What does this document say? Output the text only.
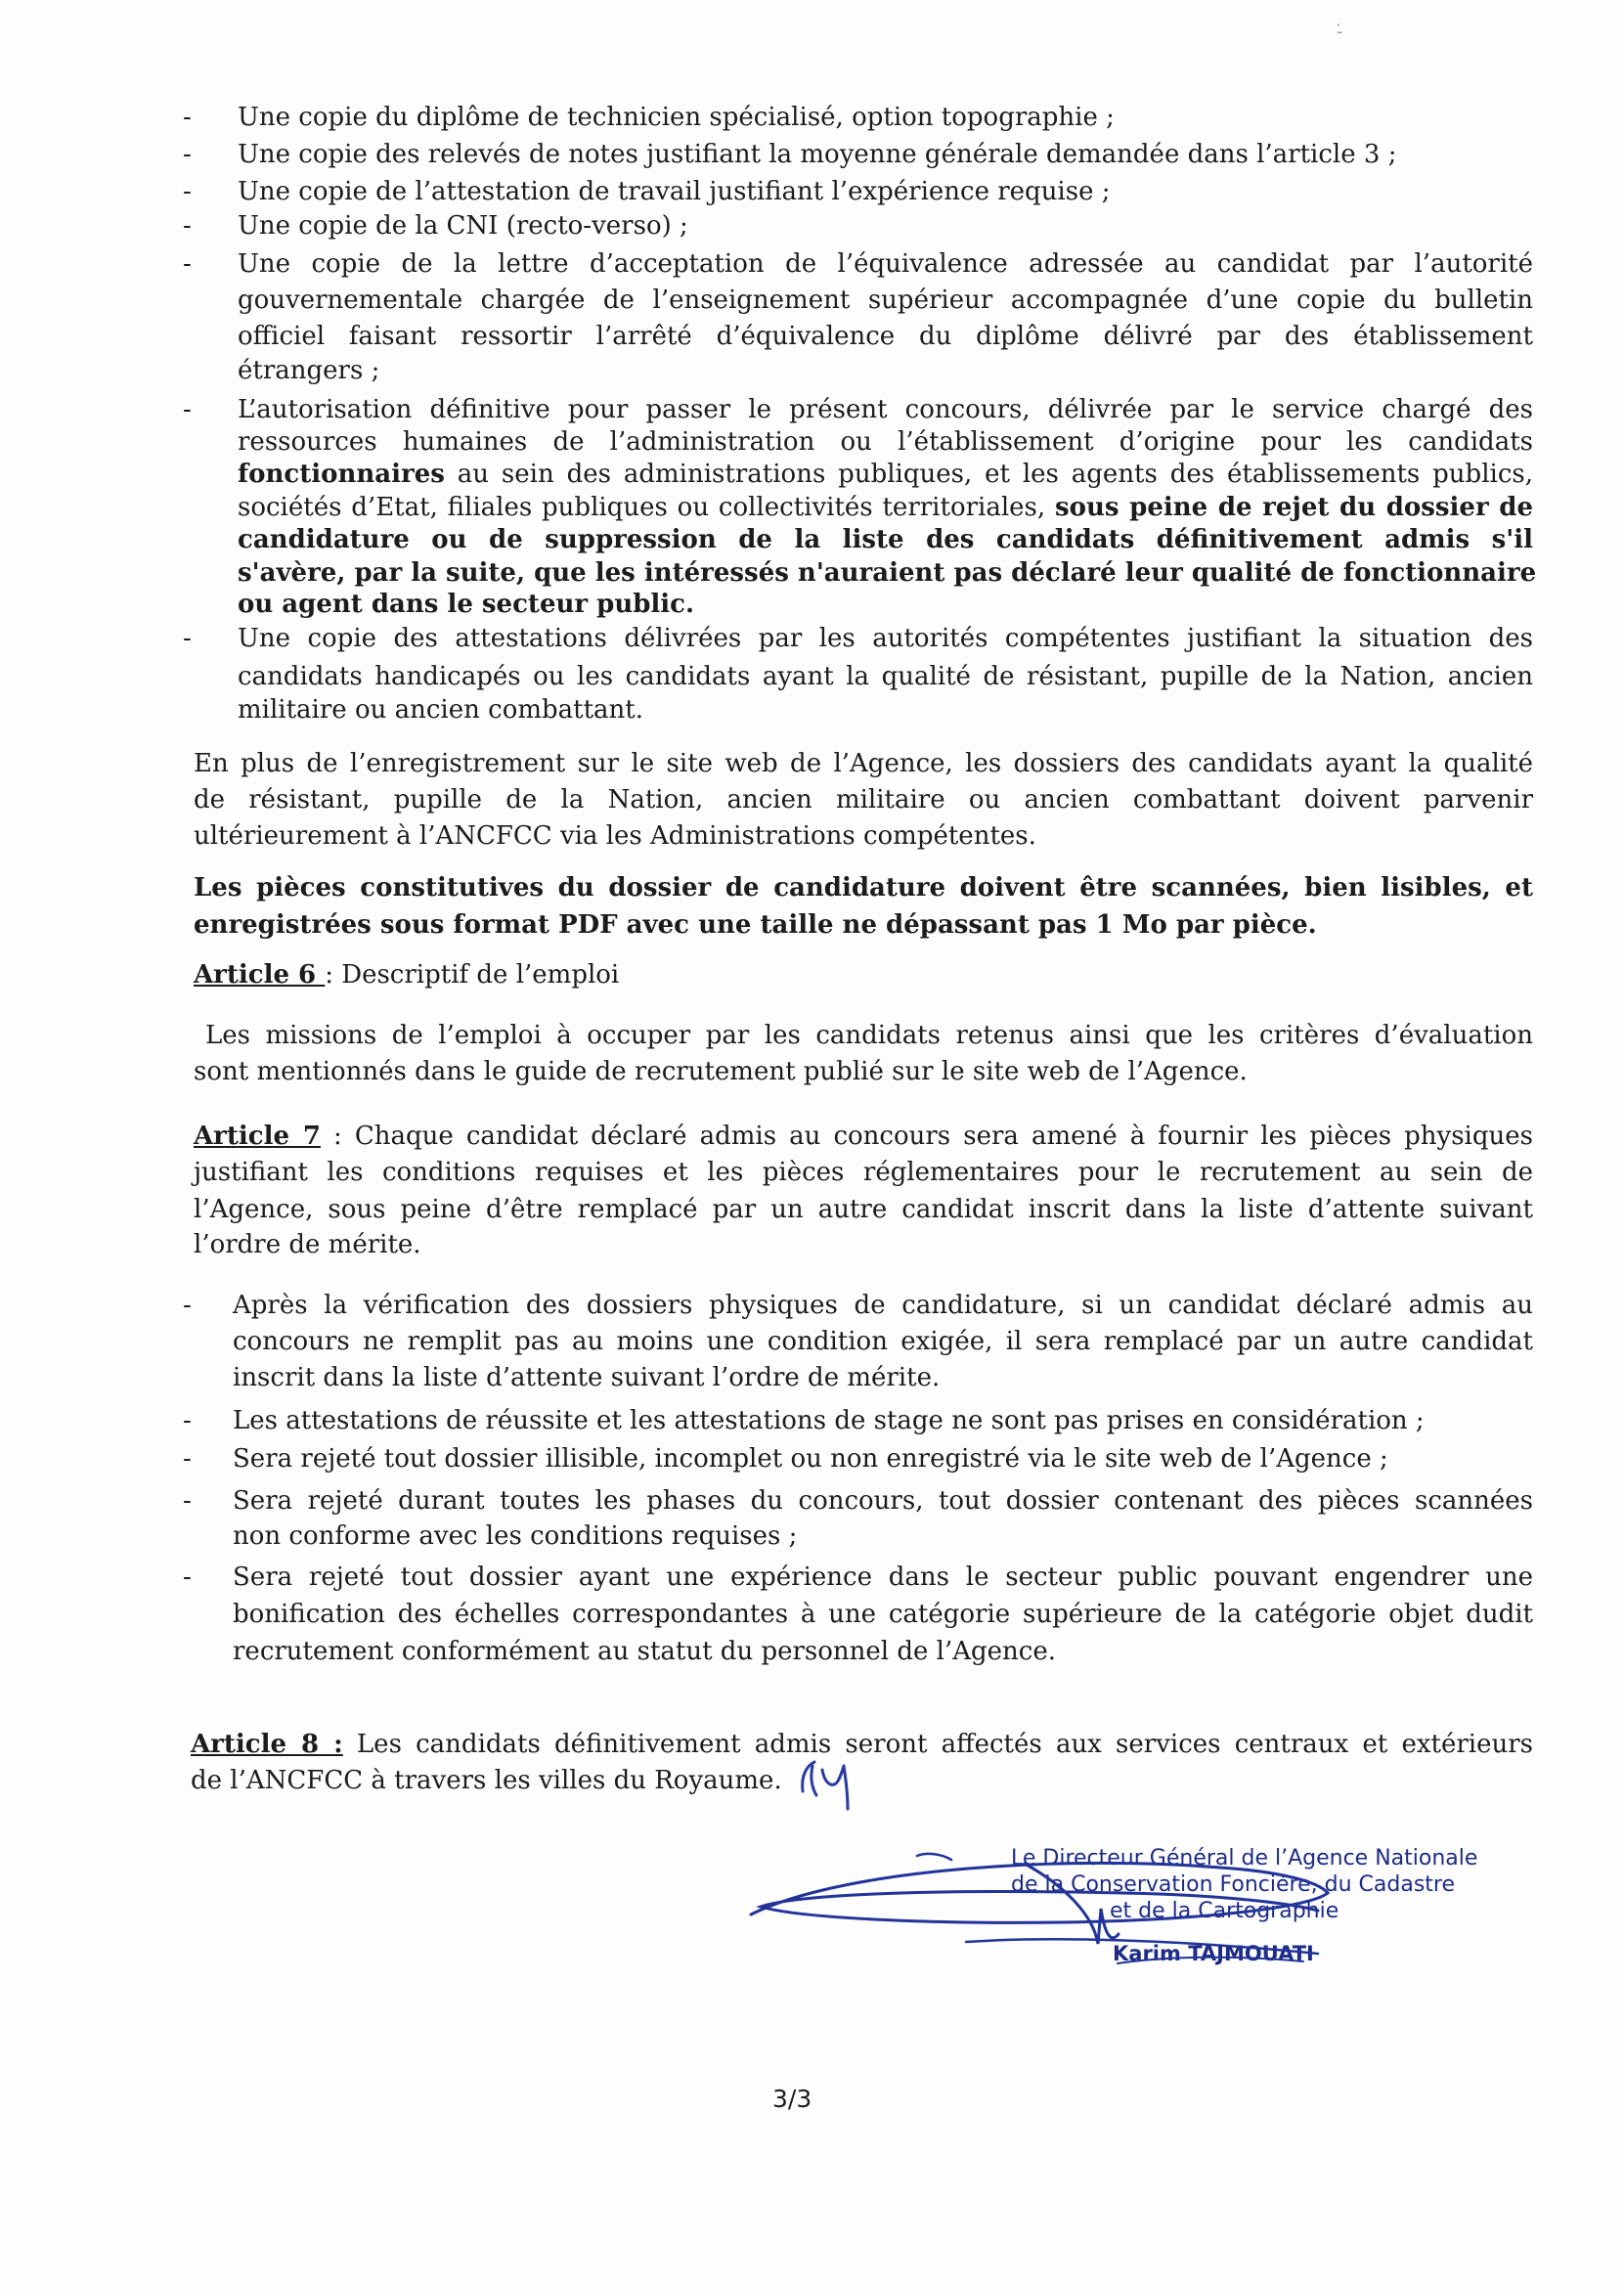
-̇
- Une copie du diplôme de technicien spécialisé, option topographie ;
- Une copie des relevés de notes justifiant la moyenne générale demandée dans l’article 3 ;
- Une copie de l’attestation de travail justifiant l’expérience requise ;
- Une copie de la CNI (recto-verso) ;
- Une copie de la lettre d’acceptation de l’équivalence adressée au candidat par l’autorité
gouvernementale chargée de l’enseignement supérieur accompagnée d’une copie du bulletin
officiel faisant ressortir l’arrêté d’équivalence du diplôme délivré par des établissement
étrangers ;
- L’autorisation définitive pour passer le présent concours, délivrée par le service chargé des
ressources humaines de l’administration ou l’établissement d’origine pour les candidats
fonctionnaires au sein des administrations publiques, et les agents des établissements publics,
sociétés d’Etat, filiales publiques ou collectivités territoriales, sous peine de rejet du dossier de
candidature ou de suppression de la liste des candidats définitivement admis s'il
s'avère, par la suite, que les intéressés n'auraient pas déclaré leur qualité de fonctionnaire
ou agent dans le secteur public.
- Une copie des attestations délivrées par les autorités compétentes justifiant la situation des
candidats handicapés ou les candidats ayant la qualité de résistant, pupille de la Nation, ancien
militaire ou ancien combattant.
En plus de l’enregistrement sur le site web de l’Agence, les dossiers des candidats ayant la qualité
de résistant, pupille de la Nation, ancien militaire ou ancien combattant doivent parvenir
ultérieurement à l’ANCFCC via les Administrations compétentes.
Les pièces constitutives du dossier de candidature doivent être scannées, bien lisibles, et
enregistrées sous format PDF avec une taille ne dépassant pas 1 Mo par pièce.
Article 6 : Descriptif de l’emploi
Les missions de l’emploi à occuper par les candidats retenus ainsi que les critères d’évaluation
sont mentionnés dans le guide de recrutement publié sur le site web de l’Agence.
Article 7 : Chaque candidat déclaré admis au concours sera amené à fournir les pièces physiques
justifiant les conditions requises et les pièces réglementaires pour le recrutement au sein de
l’Agence, sous peine d’être remplacé par un autre candidat inscrit dans la liste d’attente suivant
l’ordre de mérite.
- Après la vérification des dossiers physiques de candidature, si un candidat déclaré admis au
concours ne remplit pas au moins une condition exigée, il sera remplacé par un autre candidat
inscrit dans la liste d’attente suivant l’ordre de mérite.
- Les attestations de réussite et les attestations de stage ne sont pas prises en considération ;
- Sera rejeté tout dossier illisible, incomplet ou non enregistré via le site web de l’Agence ;
- Sera rejeté durant toutes les phases du concours, tout dossier contenant des pièces scannées
non conforme avec les conditions requises ;
- Sera rejeté tout dossier ayant une expérience dans le secteur public pouvant engendrer une
bonification des échelles correspondantes à une catégorie supérieure de la catégorie objet dudit
recrutement conformément au statut du personnel de l’Agence.
Article 8 : Les candidats définitivement admis seront affectés aux services centraux et extérieurs
de l’ANCFCC à travers les villes du Royaume.
Le Directeur Général de l’Agence Nationale
de la Conservation Foncière, du Cadastre
et de la Cartographie
Karim TAJMOUATI
3/3
